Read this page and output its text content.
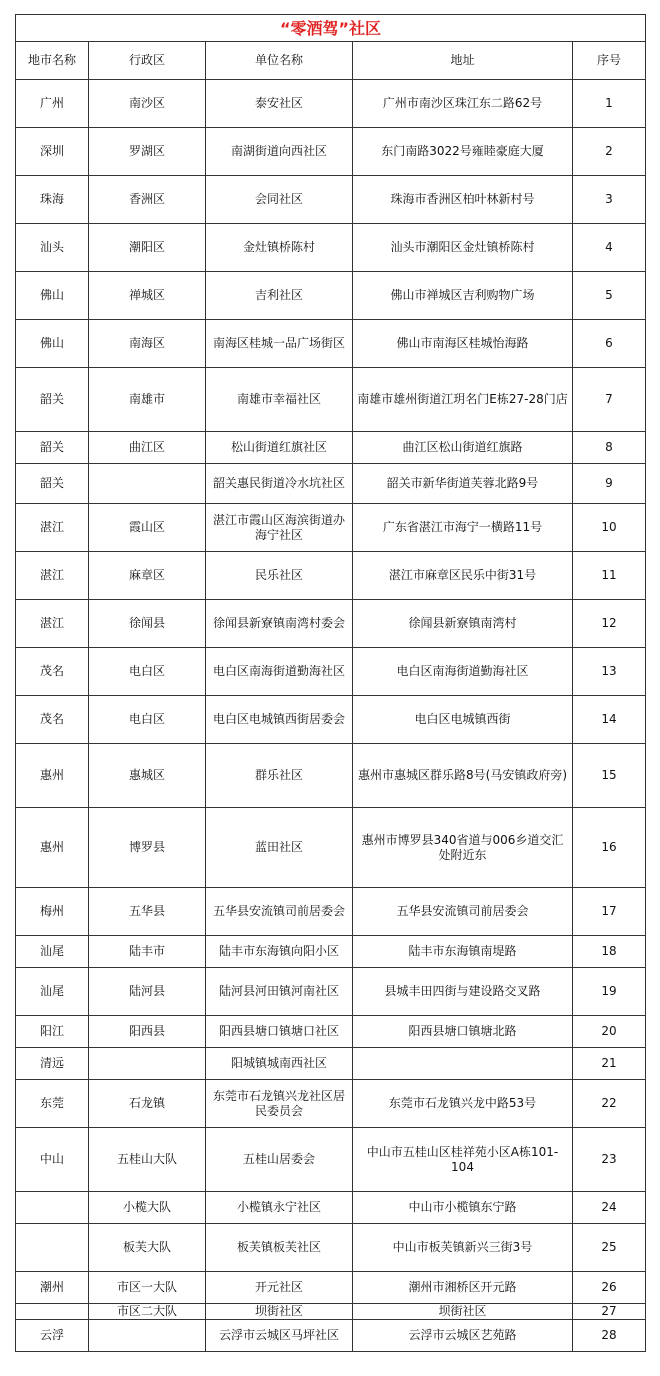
“零酒驾”社区				
地市名称	行政区	单位名称	地址	序号
广州	南沙区	泰安社区	广州市南沙区珠江东二路62号	1
深圳	罗湖区	南湖街道向西社区	东门南路3022号雍睦豪庭大厦	2
珠海	香洲区	会同社区	珠海市香洲区柏叶林新村号	3
汕头	潮阳区	金灶镇桥陈村	汕头市潮阳区金灶镇桥陈村	4
佛山	禅城区	吉利社区	佛山市禅城区吉利购物广场	5
佛山	南海区	南海区桂城一品广场街区	佛山市南海区桂城怡海路	6
韶关	南雄市	南雄市幸福社区	南雄市雄州街道江玥名门E栋27-28门店	7
韶关	曲江区	松山街道红旗社区	曲江区松山街道红旗路	8
韶关		韶关惠民街道冷水坑社区	韶关市新华街道芙蓉北路9号	9
湛江	霞山区	湛江市霞山区海滨街道办海宁社区	广东省湛江市海宁一横路11号	10
湛江	麻章区	民乐社区	湛江市麻章区民乐中街31号	11
湛江	徐闻县	徐闻县新寮镇南湾村委会	徐闻县新寮镇南湾村	12
茂名	电白区	电白区南海街道勤海社区	电白区南海街道勤海社区	13
茂名	电白区	电白区电城镇西街居委会	电白区电城镇西街	14
惠州	惠城区	群乐社区	惠州市惠城区群乐路8号(马安镇政府旁)	15
惠州	博罗县	蓝田社区	惠州市博罗县340省道与006乡道交汇处附近东	16
梅州	五华县	五华县安流镇司前居委会	五华县安流镇司前居委会	17
汕尾	陆丰市	陆丰市东海镇向阳小区	陆丰市东海镇南堤路	18
汕尾	陆河县	陆河县河田镇河南社区	县城丰田四街与建设路交叉路	19
阳江	阳西县	阳西县塘口镇塘口社区	阳西县塘口镇塘北路	20
清远		阳城镇城南西社区		21
东莞	石龙镇	东莞市石龙镇兴龙社区居民委员会	东莞市石龙镇兴龙中路53号	22
中山	五桂山大队	五桂山居委会	中山市五桂山区桂祥苑小区A栋101-104	23
	小榄大队	小榄镇永宁社区	中山市小榄镇东宁路	24
	板芙大队	板芙镇板芙社区	中山市板芙镇新兴三街3号	25
潮州	市区一大队	开元社区	潮州市湘桥区开元路	26
	市区二大队	坝街社区	坝街社区	27
云浮		云浮市云城区马坪社区	云浮市云城区艺苑路	28
